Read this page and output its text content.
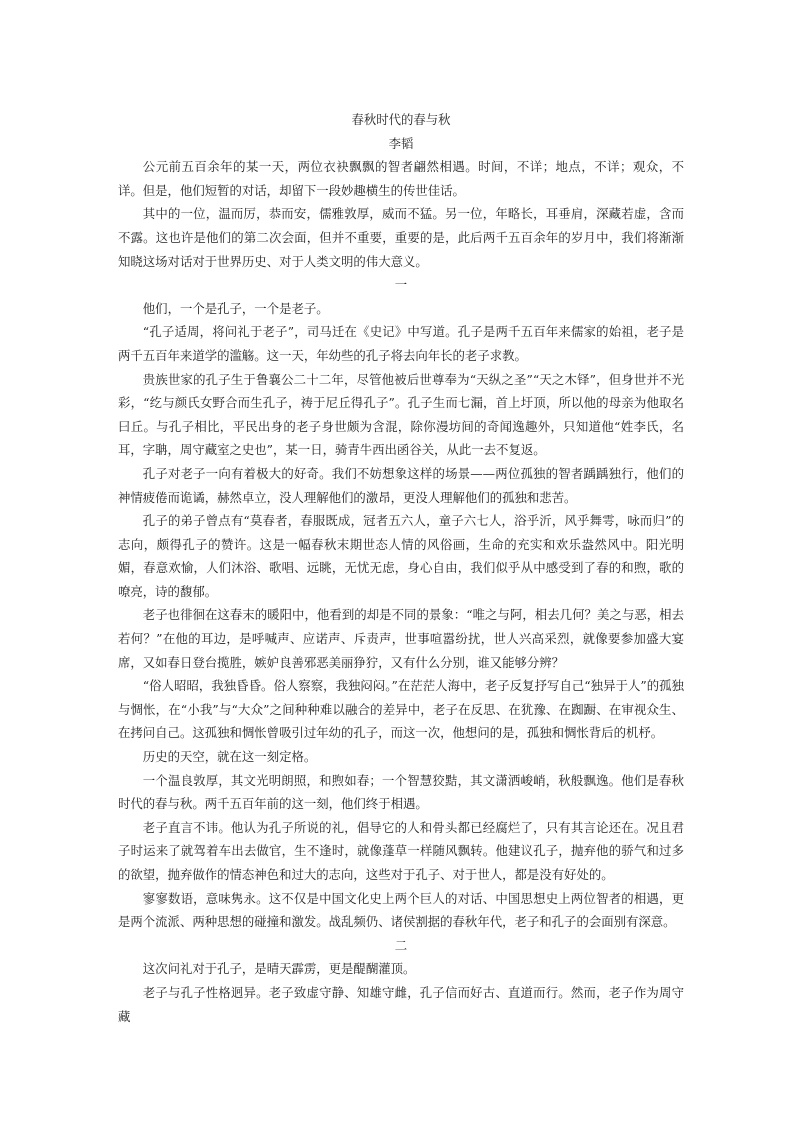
春秋时代的春与秋
李韬

公元前五百余年的某一天，两位衣袂飘飘的智者翩然相遇。时间，不详；地点，不详；观众，不详。但是，他们短暂的对话，却留下一段妙趣横生的传世佳话。

其中的一位，温而厉，恭而安，儒雅敦厚，威而不猛。另一位，年略长，耳垂肩，深藏若虚，含而不露。这也许是他们的第二次会面，但并不重要，重要的是，此后两千五百余年的岁月中，我们将渐渐知晓这场对话对于世界历史、对于人类文明的伟大意义。

一

他们，一个是孔子，一个是老子。

“孔子适周，将问礼于老子”，司马迁在《史记》中写道。孔子是两千五百年来儒家的始祖，老子是两千五百年来道学的滥觞。这一天，年幼些的孔子将去向年长的老子求教。

贵族世家的孔子生于鲁襄公二十二年，尽管他被后世尊奉为“天纵之圣”“天之木铎”，但身世并不光彩，“纥与颜氏女野合而生孔子，祷于尼丘得孔子”。孔子生而七漏，首上圩顶，所以他的母亲为他取名曰丘。与孔子相比，平民出身的老子身世颇为含混，除你漫坊间的奇闻逸趣外，只知道他“姓李氏，名耳，字聃，周守藏室之史也”，某一日，骑青牛西出函谷关，从此一去不复返。

孔子对老子一向有着极大的好奇。我们不妨想象这样的场景——两位孤独的智者踽踽独行，他们的神情疲倦而诡谲，赫然卓立，没人理解他们的激昂，更没人理解他们的孤独和悲苦。

孔子的弟子曾点有“莫春者，春服既成，冠者五六人，童子六七人，浴乎沂，风乎舞雩，咏而归”的志向，颇得孔子的赞许。这是一幅春秋末期世态人情的风俗画，生命的充实和欢乐盎然风中。阳光明媚，春意欢愉，人们沐浴、歌唱、远眺，无忧无虑，身心自由，我们似乎从中感受到了春的和煦，歌的嘹亮，诗的馥郁。

老子也徘徊在这春末的暖阳中，他看到的却是不同的景象：“唯之与阿，相去几何？美之与恶，相去若何？”在他的耳边，是呼喊声、应诺声、斥责声，世事喧嚣纷扰，世人兴高采烈，就像要参加盛大宴席，又如春日登台揽胜，嫉妒良善邪恶美丽狰狞，又有什么分别，谁又能够分辨？

“俗人昭昭，我独昏昏。俗人察察，我独闷闷。”在茫茫人海中，老子反复抒写自己“独异于人”的孤独与惆怅，在“小我”与“大众”之间种种难以融合的差异中，老子在反思、在犹豫、在踟蹰、在审视众生、在拷问自己。这孤独和惆怅曾吸引过年幼的孔子，而这一次，他想问的是，孤独和惆怅背后的机杼。

历史的天空，就在这一刻定格。

一个温良敦厚，其文光明朗照，和煦如春；一个智慧狡黠，其文潇洒峻峭，秋般飘逸。他们是春秋时代的春与秋。两千五百年前的这一刻，他们终于相遇。

老子直言不讳。他认为孔子所说的礼，倡导它的人和骨头都已经腐烂了，只有其言论还在。况且君子时运来了就驾着车出去做官，生不逢时，就像蓬草一样随风飘转。他建议孔子，抛弃他的骄气和过多的欲望，抛弃做作的情态神色和过大的志向，这些对于孔子、对于世人，都是没有好处的。

寥寥数语，意味隽永。这不仅是中国文化史上两个巨人的对话、中国思想史上两位智者的相遇，更是两个流派、两种思想的碰撞和激发。战乱频仍、诸侯割据的春秋年代，老子和孔子的会面别有深意。

二

这次问礼对于孔子，是晴天霹雳，更是醍醐灌顶。

老子与孔子性格迥异。老子致虚守静、知雄守雌，孔子信而好古、直道而行。然而，老子作为周守藏
